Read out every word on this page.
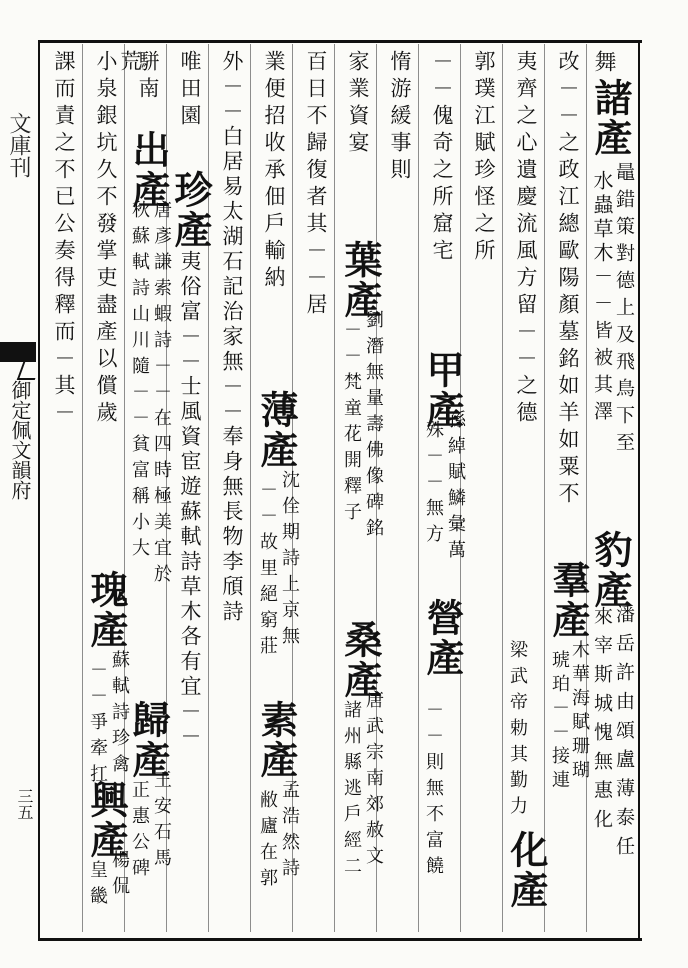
文庫刊
御定佩文韻府
三五
舞
諸產
水蟲草木 鼂錯策對德上及飛鳥下至
－－皆被其澤
豹產
潘岳許由頌盧薄泰任
來宰斯城愧無惠化
改－－之政江總歐陽顏墓銘如羊如粟不
羣產
木華海賦珊瑚
琥珀－－接連
化產
夷齊之心遺慶流風方留－－之德
梁武帝勅其勤力
郭璞江賦珍怪之所
甲產
孫綽賦鱗彙萬
殊－－無方
營產
－－則無不富饒
－－傀奇之所窟宅
惰游緩事則
葉產
劉潛無量壽佛像碑銘
－－梵童花開釋子
桑產
唐武宗南郊赦文
諸州縣逃戶經二
家業資宴
百日不歸復者其－－居
薄產
沈佺期詩上京無
－－故里絕窮莊
素產
孟浩然詩
敝廬在郭
業便招收承佃戶輸納
外－－白居易太湖石記治家無－－奉身無長物李頎詩
唯田園
珍產
夷俗富－－士風資宦遊蘇軾詩草木各有宜－－
駢南
出產
唐彥謙索蝦詩－－在四時極美宜於
歸產
王安石馬
正惠公碑
秋蘇軾詩山川隨－－貧富稱小大
荒
小泉銀坑久不發掌吏盡產以償歲
瑰產
蘇軾詩珍禽
－－爭牽扛
興產
楊侃
皇畿
課而責之不已公奏得釋而－其－
